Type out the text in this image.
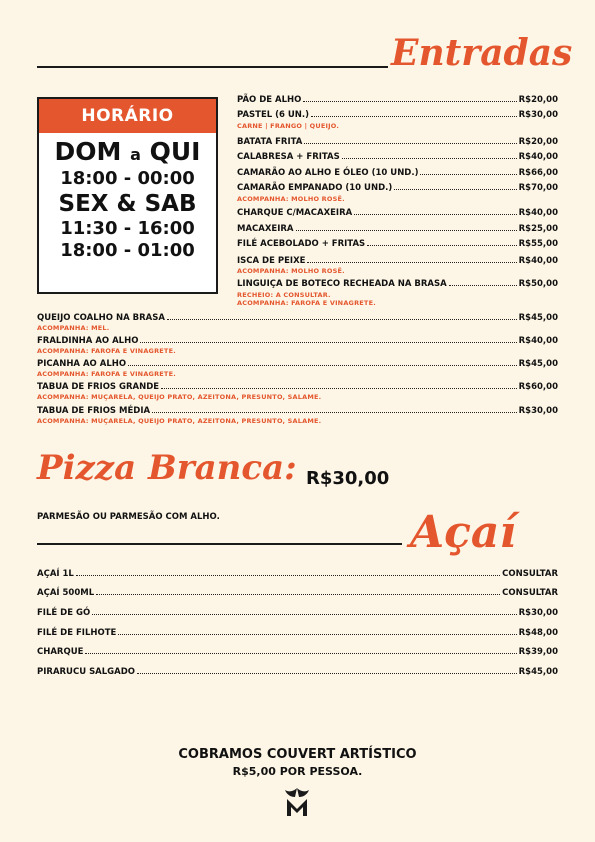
Entradas
HORÁRIO
DOM a QUI
18:00 - 00:00
SEX & SAB
11:30 - 16:00
18:00 - 01:00
PÃO DE ALHO	R$20,00
PASTEL (6 UN.)	R$30,00
CARNE | FRANGO | QUEIJO.
BATATA FRITA	R$20,00
CALABRESA + FRITAS	R$40,00
CAMARÃO AO ALHO E ÓLEO (10 UND.)	R$66,00
CAMARÃO EMPANADO (10 UND.)	R$70,00
ACOMPANHA: MOLHO ROSÊ.
CHARQUE C/MACAXEIRA	R$40,00
MACAXEIRA	R$25,00
FILÉ ACEBOLADO + FRITAS	R$55,00
ISCA DE PEIXE	R$40,00
ACOMPANHA: MOLHO ROSÊ.
LINGUIÇA DE BOTECO RECHEADA NA BRASA	R$50,00
RECHEIO: A CONSULTAR.
ACOMPANHA: FAROFA E VINAGRETE.
QUEIJO COALHO NA BRASA	R$45,00
ACOMPANHA: MEL.
FRALDINHA AO ALHO	R$40,00
ACOMPANHA: FAROFA E VINAGRETE.
PICANHA AO ALHO	R$45,00
ACOMPANHA: FAROFA E VINAGRETE.
TABUA DE FRIOS GRANDE	R$60,00
ACOMPANHA: MUÇARELA, QUEIJO PRATO, AZEITONA, PRESUNTO, SALAME.
TABUA DE FRIOS MÉDIA	R$30,00
ACOMPANHA: MUÇARELA, QUEIJO PRATO, AZEITONA, PRESUNTO, SALAME.
Pizza Branca: R$30,00
PARMESÃO OU PARMESÃO COM ALHO.	Açaí
AÇAÍ 1L	CONSULTAR
AÇAÍ 500ML	CONSULTAR
FILÉ DE GÓ	R$30,00
FILÉ DE FILHOTE	R$48,00
CHARQUE	R$39,00
PIRARUCU SALGADO	R$45,00
COBRAMOS COUVERT ARTÍSTICO
R$5,00 POR PESSOA.
